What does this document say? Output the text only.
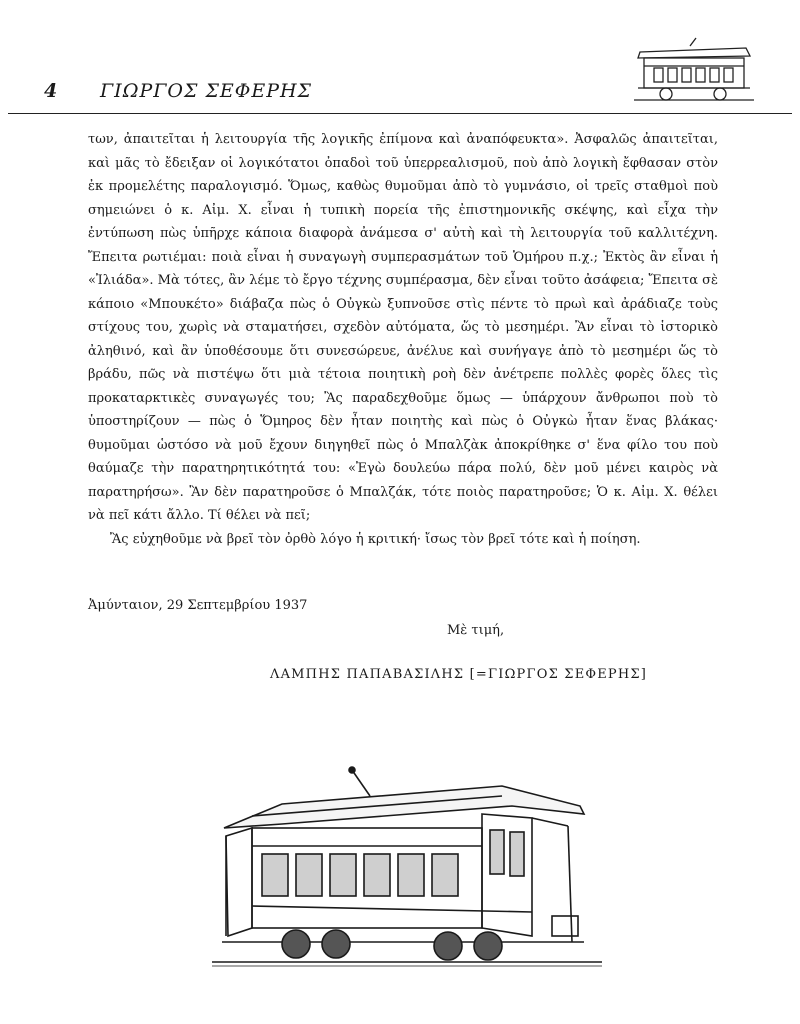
4 ΓΙΩΡΓΟΣ ΣΕΦΕΡΗΣ

των, ἀπαιτεῖται ἡ λειτουργία τῆς λογικῆς ἐπίμονα καὶ ἀναπόφευκτα». Ἀσφαλῶς ἀπαιτεῖται, καὶ μᾶς τὸ ἔδειξαν οἱ λογικότατοι ὀπαδοὶ τοῦ ὑπερρεαλισμοῦ, ποὺ ἀπὸ λογικὴ ἔφθασαν στὸν ἐκ προμελέτης παραλογισμό. Ὅμως, καθὼς θυμοῦμαι ἀπὸ τὸ γυμνάσιο, οἱ τρεῖς σταθμοὶ ποὺ σημειώνει ὁ κ. Αἰμ. Χ. εἶναι ἡ τυπικὴ πορεία τῆς ἐπιστημονικῆς σκέψης, καὶ εἶχα τὴν ἐντύπωση πὼς ὑπῆρχε κάποια διαφορὰ ἀνάμεσα σ' αὐτὴ καὶ τὴ λειτουργία τοῦ καλλιτέχνη. Ἔπειτα ρωτιέμαι: ποιὰ εἶναι ἡ συναγωγὴ συμπερασμάτων τοῦ Ὁμήρου π.χ.; Ἐκτὸς ἂν εἶναι ἡ «Ἰλιάδα». Μὰ τότες, ἂν λέμε τὸ ἔργο τέχνης συμπέρασμα, δὲν εἶναι τοῦτο ἀσάφεια; Ἔπειτα σὲ κάποιο «Μπουκέτο» διάβαζα πὼς ὁ Οὐγκὼ ξυπνοῦσε στὶς πέντε τὸ πρωὶ καὶ ἀράδιαζε τοὺς στίχους του, χωρὶς νὰ σταματήσει, σχεδὸν αὐτόματα, ὥς τὸ μεσημέρι. Ἂν εἶναι τὸ ἱστορικὸ ἀληθινό, καὶ ἂν ὑποθέσουμε ὅτι συνεσώρευε, ἀνέλυε καὶ συνήγαγε ἀπὸ τὸ μεσημέρι ὥς τὸ βράδυ, πῶς νὰ πιστέψω ὅτι μιὰ τέτοια ποιητικὴ ροὴ δὲν ἀνέτρεπε πολλὲς φορὲς ὅλες τὶς προκαταρκτικὲς συναγωγές του; Ἂς παραδεχθοῦμε ὅμως — ὑπάρχουν ἄνθρωποι ποὺ τὸ ὑποστηρίζουν — πὼς ὁ Ὅμηρος δὲν ἦταν ποιητὴς καὶ πὼς ὁ Οὐγκὼ ἦταν ἕνας βλάκας· θυμοῦμαι ὡστόσο νὰ μοῦ ἔχουν διηγηθεῖ πὼς ὁ Μπαλζὰκ ἀποκρίθηκε σ' ἕνα φίλο του ποὺ θαύμαζε τὴν παρατηρητικότητά του: «Ἐγὼ δουλεύω πάρα πολύ, δὲν μοῦ μένει καιρὸς νὰ παρατηρήσω». Ἂν δὲν παρατηροῦσε ὁ Μπαλζάκ, τότε ποιὸς παρατηροῦσε; Ὁ κ. Αἰμ. Χ. θέλει νὰ πεῖ κάτι ἄλλο. Τί θέλει νὰ πεῖ;

Ἂς εὐχηθοῦμε νὰ βρεῖ τὸν ὀρθὸ λόγο ἡ κριτική· ἴσως τὸν βρεῖ τότε καὶ ἡ ποίηση.

Ἀμύνταιον, 29 Σεπτεμβρίου 1937
Μὲ τιμή,
ΛΑΜΠΗΣ ΠΑΠΑΒΑΣΙΛΗΣ [=ΓΙΩΡΓΟΣ ΣΕΦΕΡΗΣ]
